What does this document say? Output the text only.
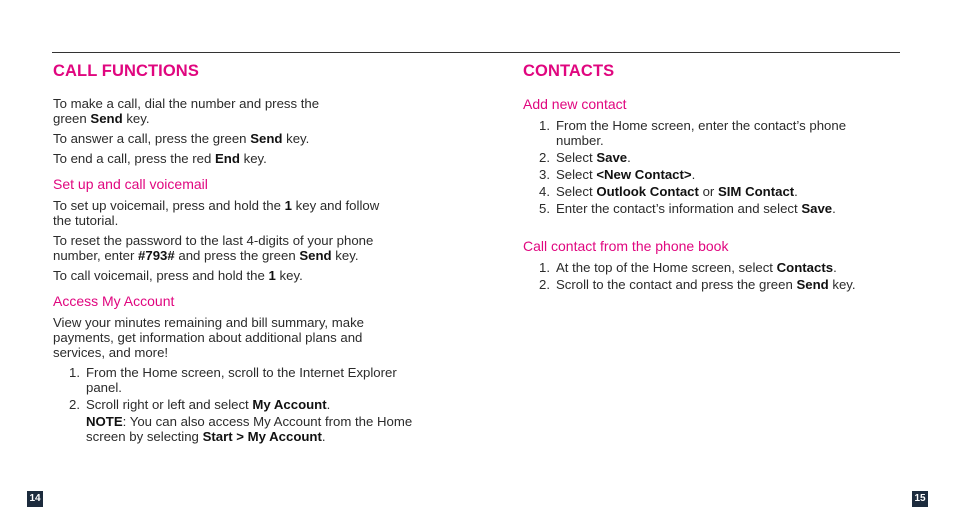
CALL FUNCTIONS

To make a call, dial the number and press the
green Send key.

To answer a call, press the green Send key.

To end a call, press the red End key.

Set up and call voicemail

To set up voicemail, press and hold the 1 key and follow
the tutorial.

To reset the password to the last 4-digits of your phone
number, enter #793# and press the green Send key.

To call voicemail, press and hold the 1 key.

Access My Account

View your minutes remaining and bill summary, make payments, get information about additional plans and services, and more!

1. From the Home screen, scroll to the Internet Explorer panel.
2. Scroll right or left and select My Account.
NOTE: You can also access My Account from the Home screen by selecting Start > My Account.
CONTACTS
Add new contact
1. From the Home screen, enter the contact’s phone number.
2. Select Save.
3. Select <New Contact>.
4. Select Outlook Contact or SIM Contact.
5. Enter the contact’s information and select Save.
Call contact from the phone book
1. At the top of the Home screen, select Contacts.
2. Scroll to the contact and press the green Send key.
14	15
